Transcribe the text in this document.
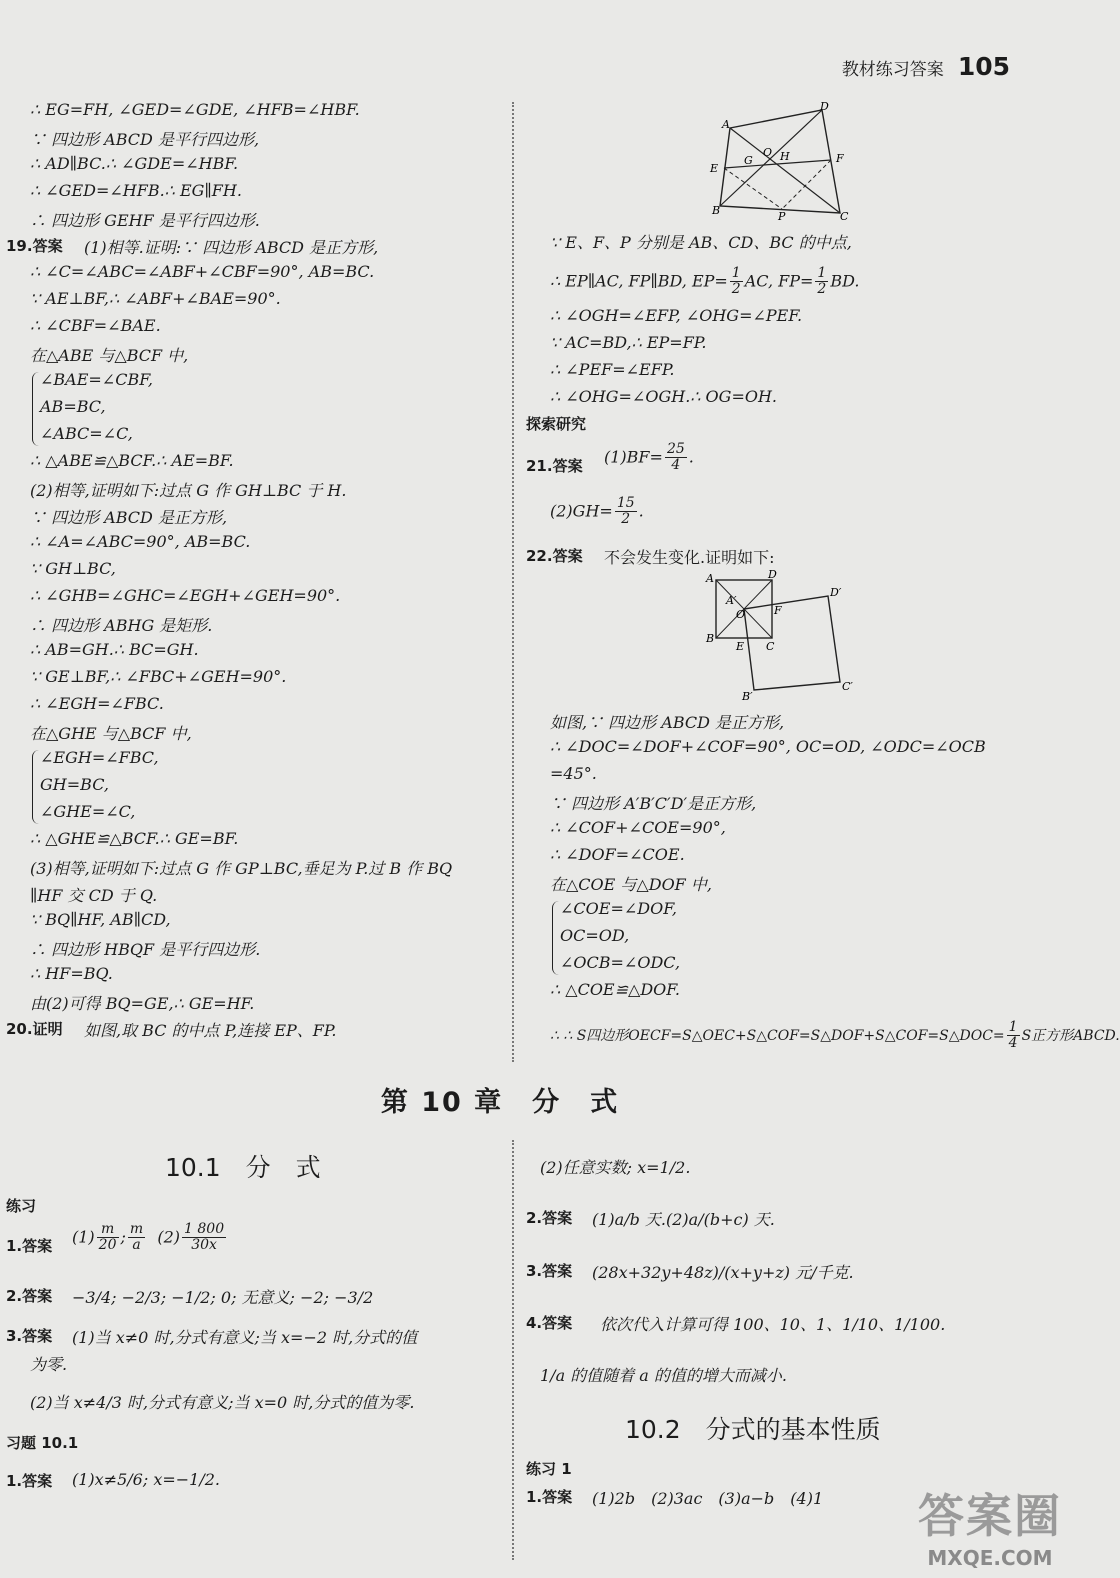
教材练习答案 105
∴ EG=FH, ∠GED=∠GDE, ∠HFB=∠HBF.
∵ 四边形 ABCD 是平行四边形,
∴ AD∥BC.∴ ∠GDE=∠HBF.
∴ ∠GED=∠HFB.∴ EG∥FH.
∴ 四边形 GEHF 是平行四边形.
19.答案 (1)相等.证明:∵ 四边形 ABCD 是正方形,
∴ ∠C=∠ABC=∠ABF+∠CBF=90°, AB=BC.
∵ AE⊥BF,∴ ∠ABF+∠BAE=90°.
∴ ∠CBF=∠BAE.
在△ABE 与△BCF 中,
∠BAE=∠CBF,
AB=BC,
∠ABC=∠C,
∴ △ABE≌△BCF.∴ AE=BF.
(2)相等,证明如下:过点 G 作 GH⊥BC 于 H.
∵ 四边形 ABCD 是正方形,
∴ ∠A=∠ABC=90°, AB=BC.
∵ GH⊥BC,
∴ ∠GHB=∠GHC=∠EGH+∠GEH=90°.
∴ 四边形 ABHG 是矩形.
∴ AB=GH.∴ BC=GH.
∵ GE⊥BF,∴ ∠FBC+∠GEH=90°.
∴ ∠EGH=∠FBC.
在△GHE 与△BCF 中,
∠EGH=∠FBC,
GH=BC,
∠GHE=∠C,
∴ △GHE≌△BCF.∴ GE=BF.
(3)相等,证明如下:过点 G 作 GP⊥BC,垂足为 P.过 B 作 BQ
∥HF 交 CD 于 Q.
∵ BQ∥HF, AB∥CD,
∴ 四边形 HBQF 是平行四边形.
∴ HF=BQ.
由(2)可得 BQ=GE,∴ GE=HF.
20.证明 如图,取 BC 的中点 P,连接 EP、FP.
A
D
E
O H
G	F
B	P	C
∵ E、F、P 分别是 AB、CD、BC 的中点,
∴ EP∥AC, FP∥BD, $EP= \frac{1}{2}$ AC, $FP= \frac{1}{2}$ BD.
∴ ∠OGH=∠EFP, ∠OHG=∠PEF.
∵ AC=BD,∴ EP=FP.
∴ ∠PEF=∠EFP.
∴ ∠OHG=∠OGH.∴ OG=OH.
探索研究
21.答案 $(1)BF= \frac{25}{4}$ .
$(2)GH= \frac{15}{2}$ .
22.答案 不会发生变化.证明如下:
A	D
A′
O	F
D′
B
E C
B′
C′
如图,∵ 四边形 ABCD 是正方形,
∴ ∠DOC=∠DOF+∠COF=90°, OC=OD, ∠ODC=∠OCB
=45°.
∵ 四边形 A′B′C′D′是正方形,
∴ ∠COF+∠COE=90°,
∴ ∠DOF=∠COE.
在△COE 与△DOF 中,
∠COE=∠DOF,
OC=OD,
∠OCB=∠ODC,
∴ △COE≌△DOF.
∴ ∴ S四边形OECF=S△OEC+S△COF=S△DOF+S△COF=S△DOC= $\frac{1}{4}$ S正方形ABCD.
第 10 章　分　式
10.1　分　式
练习
1.答案 $(1) \frac{m}{20}$ ; $\frac{m}{a} (2) \frac{1 800}{30x}$
2.答案 −3/4; −2/3; −1/2; 0; 无意义; −2; −3/2
3.答案 (1)当 x≠0 时,分式有意义;当 x=−2 时,分式的值
为零.
(2)当 x≠4/3 时,分式有意义;当 x=0 时,分式的值为零.
习题 10.1
1.答案 (1)x≠5/6; x=−1/2.
(2)任意实数; x=1/2.
2.答案 (1)a/b 天.(2)a/(b+c) 天.
3.答案 (28x+32y+48z)/(x+y+z) 元/千克.
4.答案 依次代入计算可得 100、10、1、1/10、1/100.
1/a 的值随着 a 的值的增大而减小.
10.2　分式的基本性质
练习 1
1.答案 (1)2b　(2)3ac　(3)a−b　(4)1 答案圈
MXQE.COM
